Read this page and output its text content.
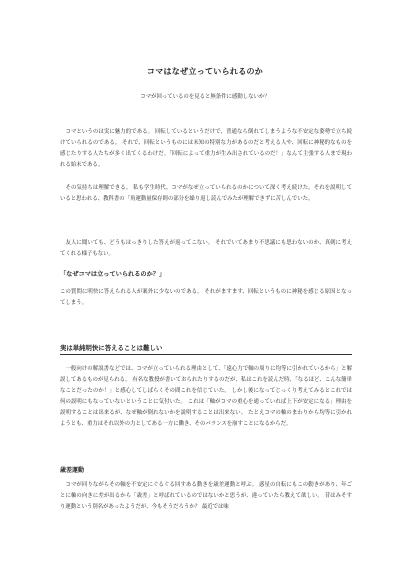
コマはなぜ立っていられるのか
コマが回っているのを見ると無条件に感動しないか？

　コマというのは実に魅力的である。 回転しているというだけで、普通なら倒れてしまうような不安定な姿勢で立ち続けていられるのである。 それで、回転というものには未知の特別な力があるのだと考える人や、回転に神秘的なものを感じたりする人たちが多く出てくるわけだ。「回転によって重力が生み出されているのだ！」なんて主張する人まで現われる始末である。

　その気持ちは理解できる。 私も学生時代、コマがなぜ立っていられるのかについて深く考え続けた。それを説明していると思われる、教科書の「角運動量保存則の部分を繰り返し読んでみたが理解できずに苦しんでいた。

　友人に聞いても、どうもはっきりした答えが返ってこない。 それでいてあまり不思議にも思わないのか、真剣に考えてくれる様子もない。

「なぜコマは立っていられるのか？」

この質問に明快に答えられる人が案外に少ないのである。 それがますます、回転というものに神秘を感じる原因となってしまう。

実は単純明快に答えることは難しい

　一般向けの解説書などでは、コマが立っていられる理由として、「遠心力で軸の周りに均等に引かれているから」と解説してあるものが見られる。 有名な教授が書いておられたりするのだが、私はこれを読んだ時、「なるほど、こんな簡単なことだったのか！」と感心してしばらくその間これを信じていた。 しかし後になってじっくり考えてみるとこれでは何の説明にもなっていないということに気付いた。 これは「軸がコマの重心を通っていれば上下が安定になる」理由を説明することは出来るが、なぜ軸が倒れないかを説明することは出来ない。 たとえコマの軸のまわりから均等に引かれようとも、重力はそれ以外の力としてある一方に働き、そのバランスを崩すことになるからだ。

歳差運動

　コマが回りながらその軸を不安定にぐるぐる回すある動きを歳差運動と呼ぶ。 惑星の自転にもこの動きがあり、年ごとに軸の向きに差が出るから「歳差」と呼ばれているのではないかと思うが、違っていたら教えて欲しい。 昔はみそすり運動という別名があったようだが、今もそうだろうか？ 最近では味
